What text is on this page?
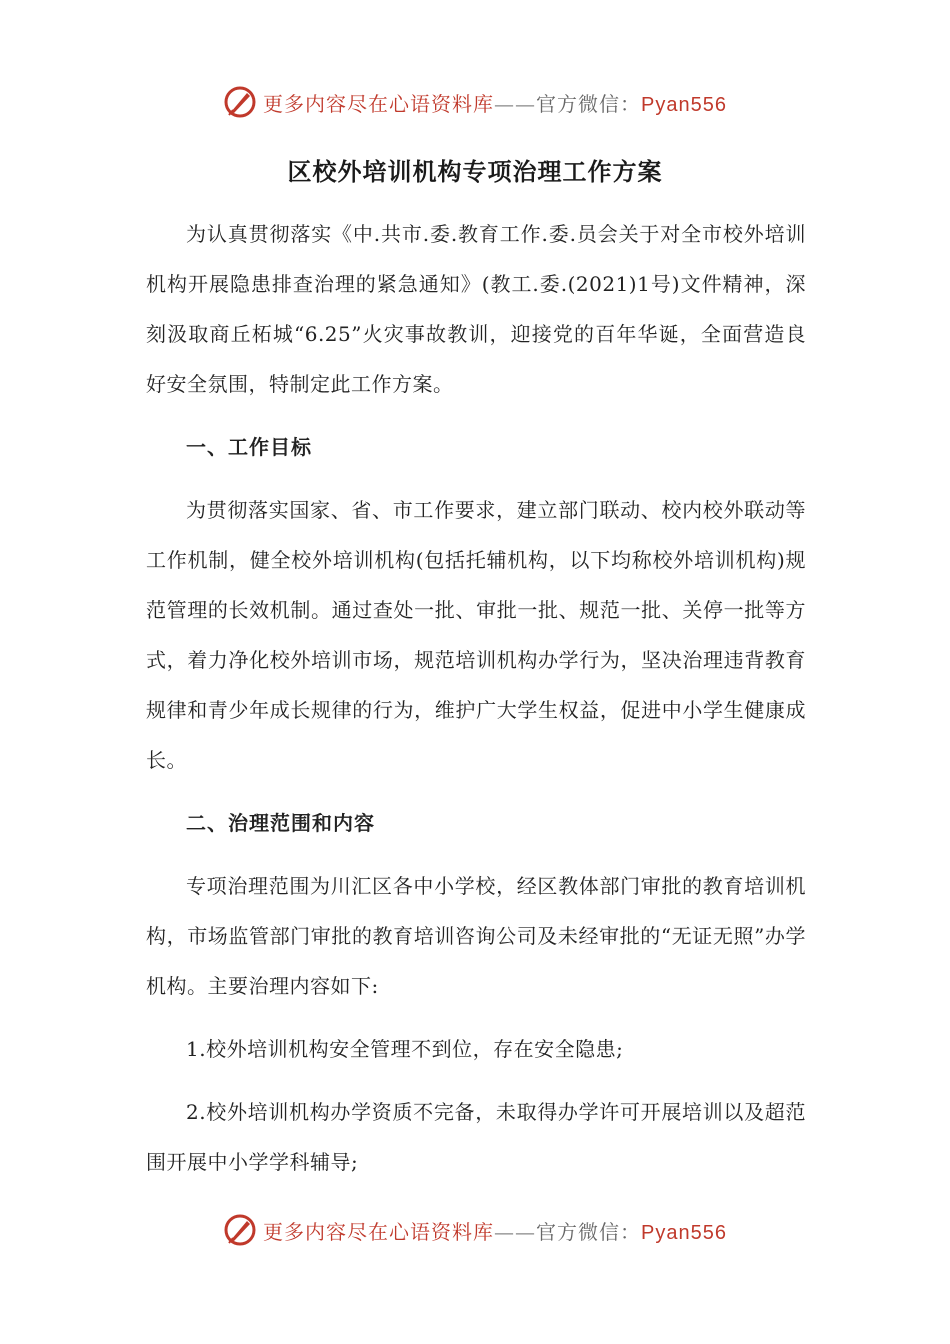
更多内容尽在心语资料库——官方微信：Pyan556
区校外培训机构专项治理工作方案

为认真贯彻落实《中.共市.委.教育工作.委.员会关于对全市校外培训机构开展隐患排查治理的紧急通知》(教工.委.(2021)1号)文件精神，深刻汲取商丘柘城“6.25”火灾事故教训，迎接党的百年华诞，全面营造良好安全氛围，特制定此工作方案。

一、工作目标

为贯彻落实国家、省、市工作要求，建立部门联动、校内校外联动等工作机制，健全校外培训机构(包括托辅机构，以下均称校外培训机构)规范管理的长效机制。通过查处一批、审批一批、规范一批、关停一批等方式，着力净化校外培训市场，规范培训机构办学行为，坚决治理违背教育规律和青少年成长规律的行为，维护广大学生权益，促进中小学生健康成长。

二、治理范围和内容

专项治理范围为川汇区各中小学校，经区教体部门审批的教育培训机构，市场监管部门审批的教育培训咨询公司及未经审批的“无证无照”办学机构。主要治理内容如下:

1.校外培训机构安全管理不到位，存在安全隐患;

2.校外培训机构办学资质不完备，未取得办学许可开展培训以及超范围开展中小学学科辅导;

更多内容尽在心语资料库——官方微信：Pyan556
